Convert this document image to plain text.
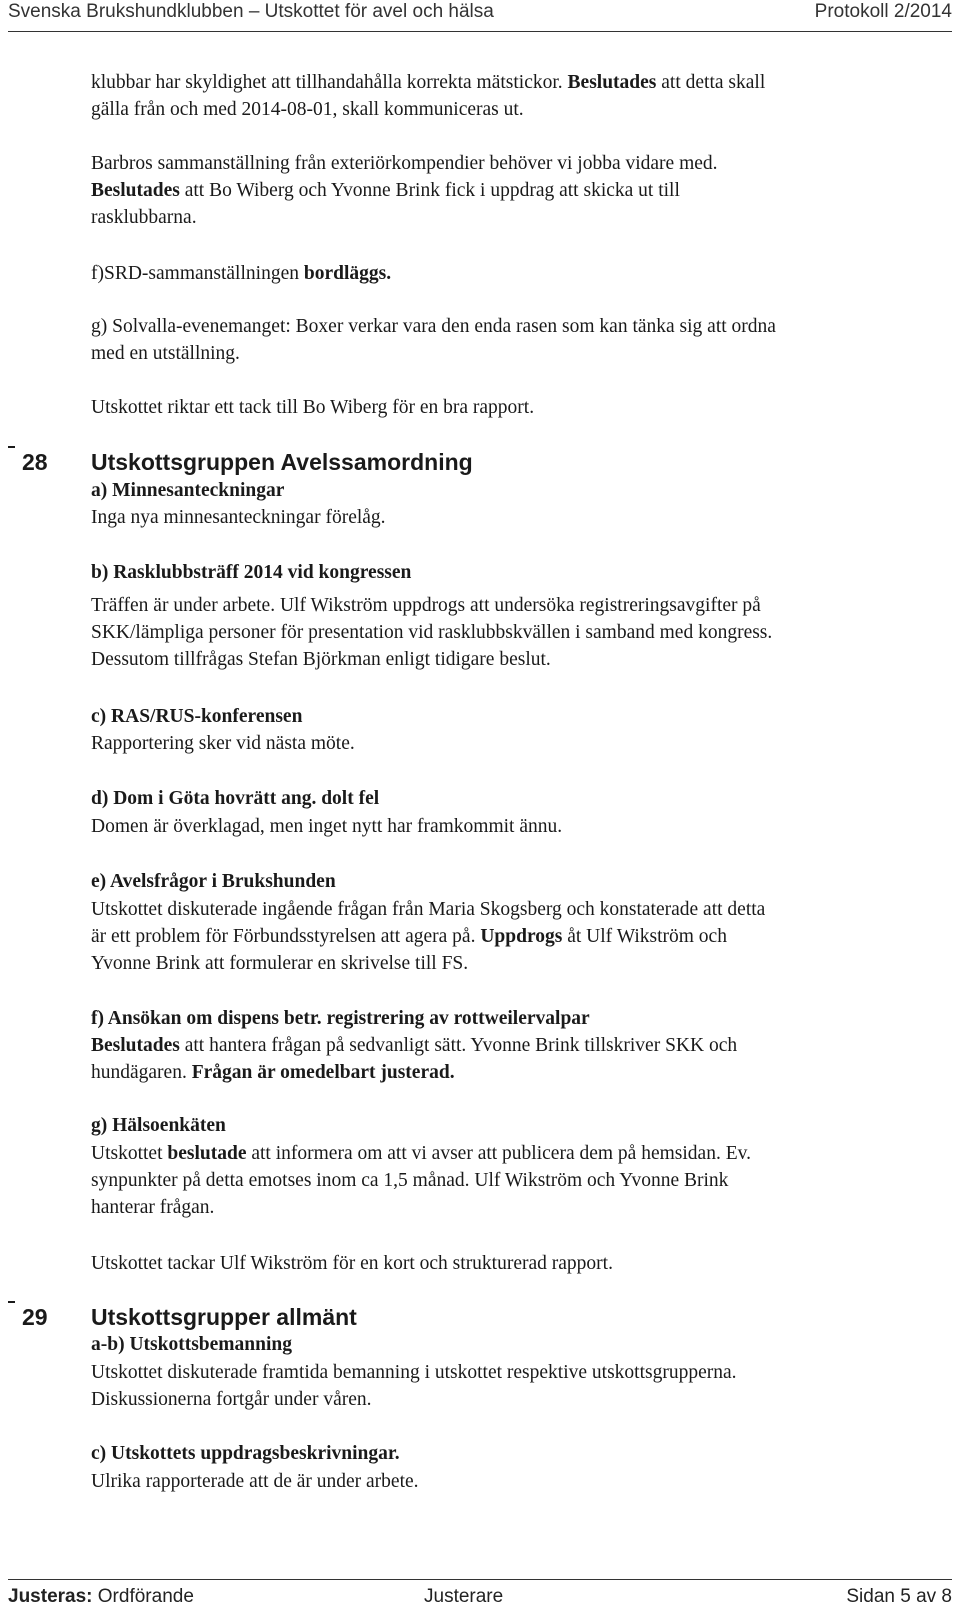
Svenska Brukshundklubben – Utskottet för avel och hälsa	Protokoll 2/2014

klubbar har skyldighet att tillhandahålla korrekta mätstickor. Beslutades att detta skall

gälla från och med 2014-08-01, skall kommuniceras ut.

Barbros sammanställning från exteriörkompendier behöver vi jobba vidare med.

Beslutades att Bo Wiberg och Yvonne Brink fick i uppdrag att skicka ut till

rasklubbarna.

f)SRD-sammanställningen bordläggs.

g) Solvalla-evenemanget: Boxer verkar vara den enda rasen som kan tänka sig att ordna

med en utställning.

Utskottet riktar ett tack till Bo Wiberg för en bra rapport.

28 Utskottsgruppen Avelssamordning

a) Minnesanteckningar

Inga nya minnesanteckningar förelåg.

b) Rasklubbsträff 2014 vid kongressen

Träffen är under arbete. Ulf Wikström uppdrogs att undersöka registreringsavgifter på

SKK/lämpliga personer för presentation vid rasklubbskvällen i samband med kongress.

Dessutom tillfrågas Stefan Björkman enligt tidigare beslut.

c) RAS/RUS-konferensen

Rapportering sker vid nästa möte.

d) Dom i Göta hovrätt ang. dolt fel

Domen är överklagad, men inget nytt har framkommit ännu.

e) Avelsfrågor i Brukshunden

Utskottet diskuterade ingående frågan från Maria Skogsberg och konstaterade att detta

är ett problem för Förbundsstyrelsen att agera på. Uppdrogs åt Ulf Wikström och

Yvonne Brink att formulerar en skrivelse till FS.

f) Ansökan om dispens betr. registrering av rottweilervalpar

Beslutades att hantera frågan på sedvanligt sätt. Yvonne Brink tillskriver SKK och

hundägaren. Frågan är omedelbart justerad.

g) Hälsoenkäten

Utskottet beslutade att informera om att vi avser att publicera dem på hemsidan. Ev.

synpunkter på detta emotses inom ca 1,5 månad. Ulf Wikström och Yvonne Brink

hanterar frågan.

Utskottet tackar Ulf Wikström för en kort och strukturerad rapport.

29 Utskottsgrupper allmänt

a-b) Utskottsbemanning

Utskottet diskuterade framtida bemanning i utskottet respektive utskottsgrupperna.

Diskussionerna fortgår under våren.

c) Utskottets uppdragsbeskrivningar.

Ulrika rapporterade att de är under arbete.

Justeras: Ordförande	Justerare	Sidan 5 av 8
